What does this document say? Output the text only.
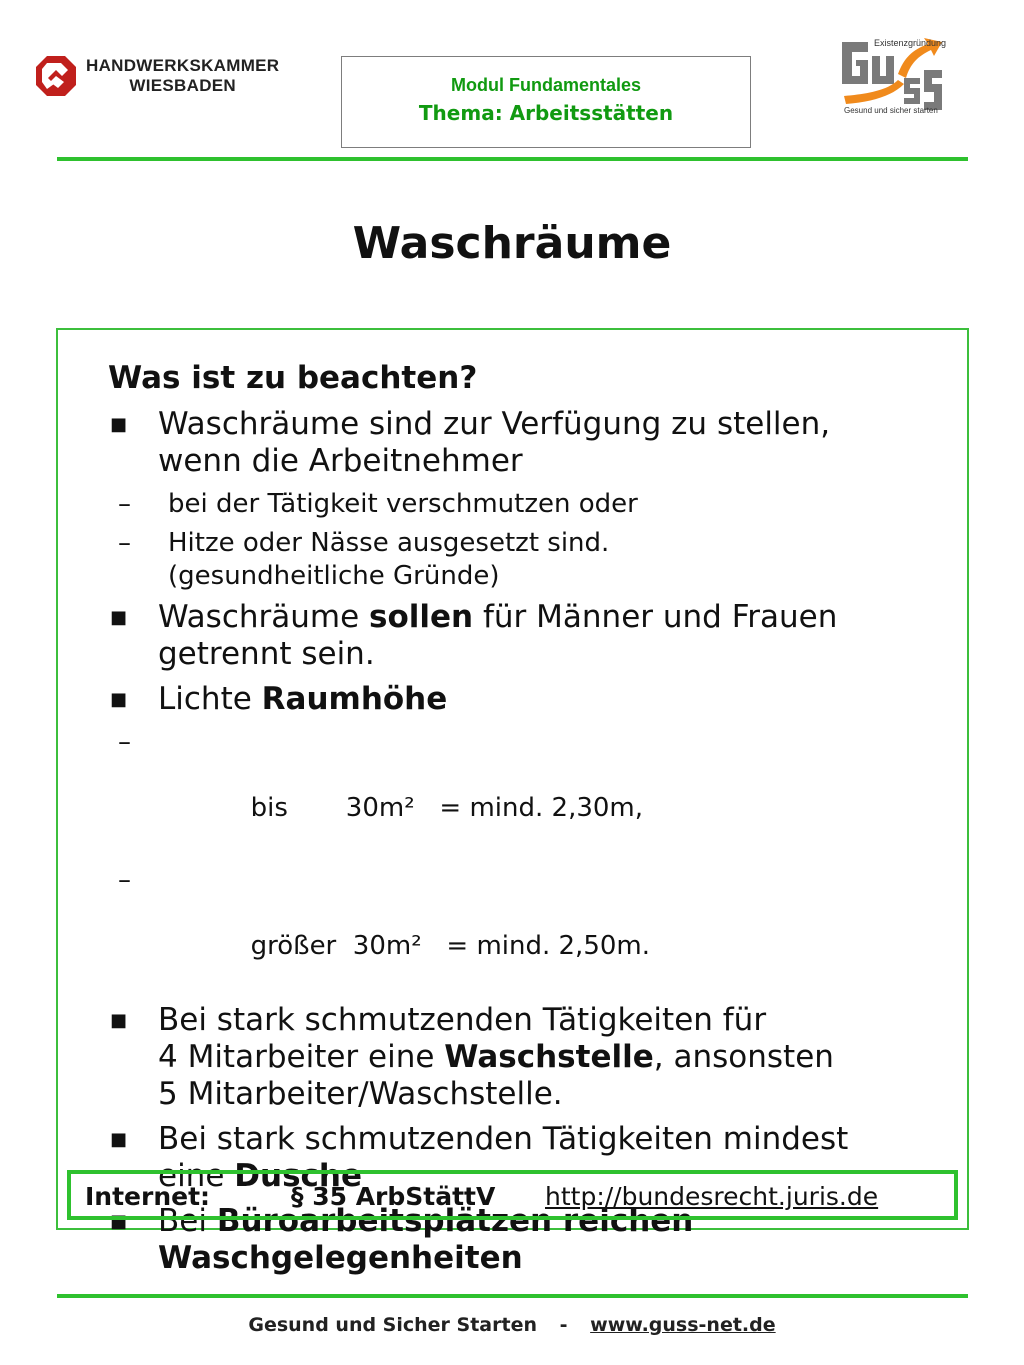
HANDWERKSKAMMER
WIESBADEN	Modul Fundamentales
Thema: Arbeitsstätten
Existenzgründung
Gesund und sicher starten
Waschräume
Was ist zu beachten?
■ Waschräume sind zur Verfügung zu stellen,
wenn die Arbeitnehmer
– bei der Tätigkeit verschmutzen oder
– Hitze oder Nässe ausgesetzt sind.
(gesundheitliche Gründe)
■ Waschräume sollen für Männer und Frauen
getrennt sein.
■ Lichte Raumhöhe

–

bis       30m²   = mind. 2,30m,

–

größer  30m²   = mind. 2,50m.

■ Bei stark schmutzenden Tätigkeiten für
4 Mitarbeiter eine Waschstelle, ansonsten
5 Mitarbeiter/Waschstelle.
■ Bei stark schmutzenden Tätigkeiten mindest
eine Dusche
■ Bei Büroarbeitsplätzen reichen
Waschgelegenheiten
Internet:	§ 35 ArbStättV http://bundesrecht.juris.de
Gesund und Sicher Starten - www.guss-net.de
